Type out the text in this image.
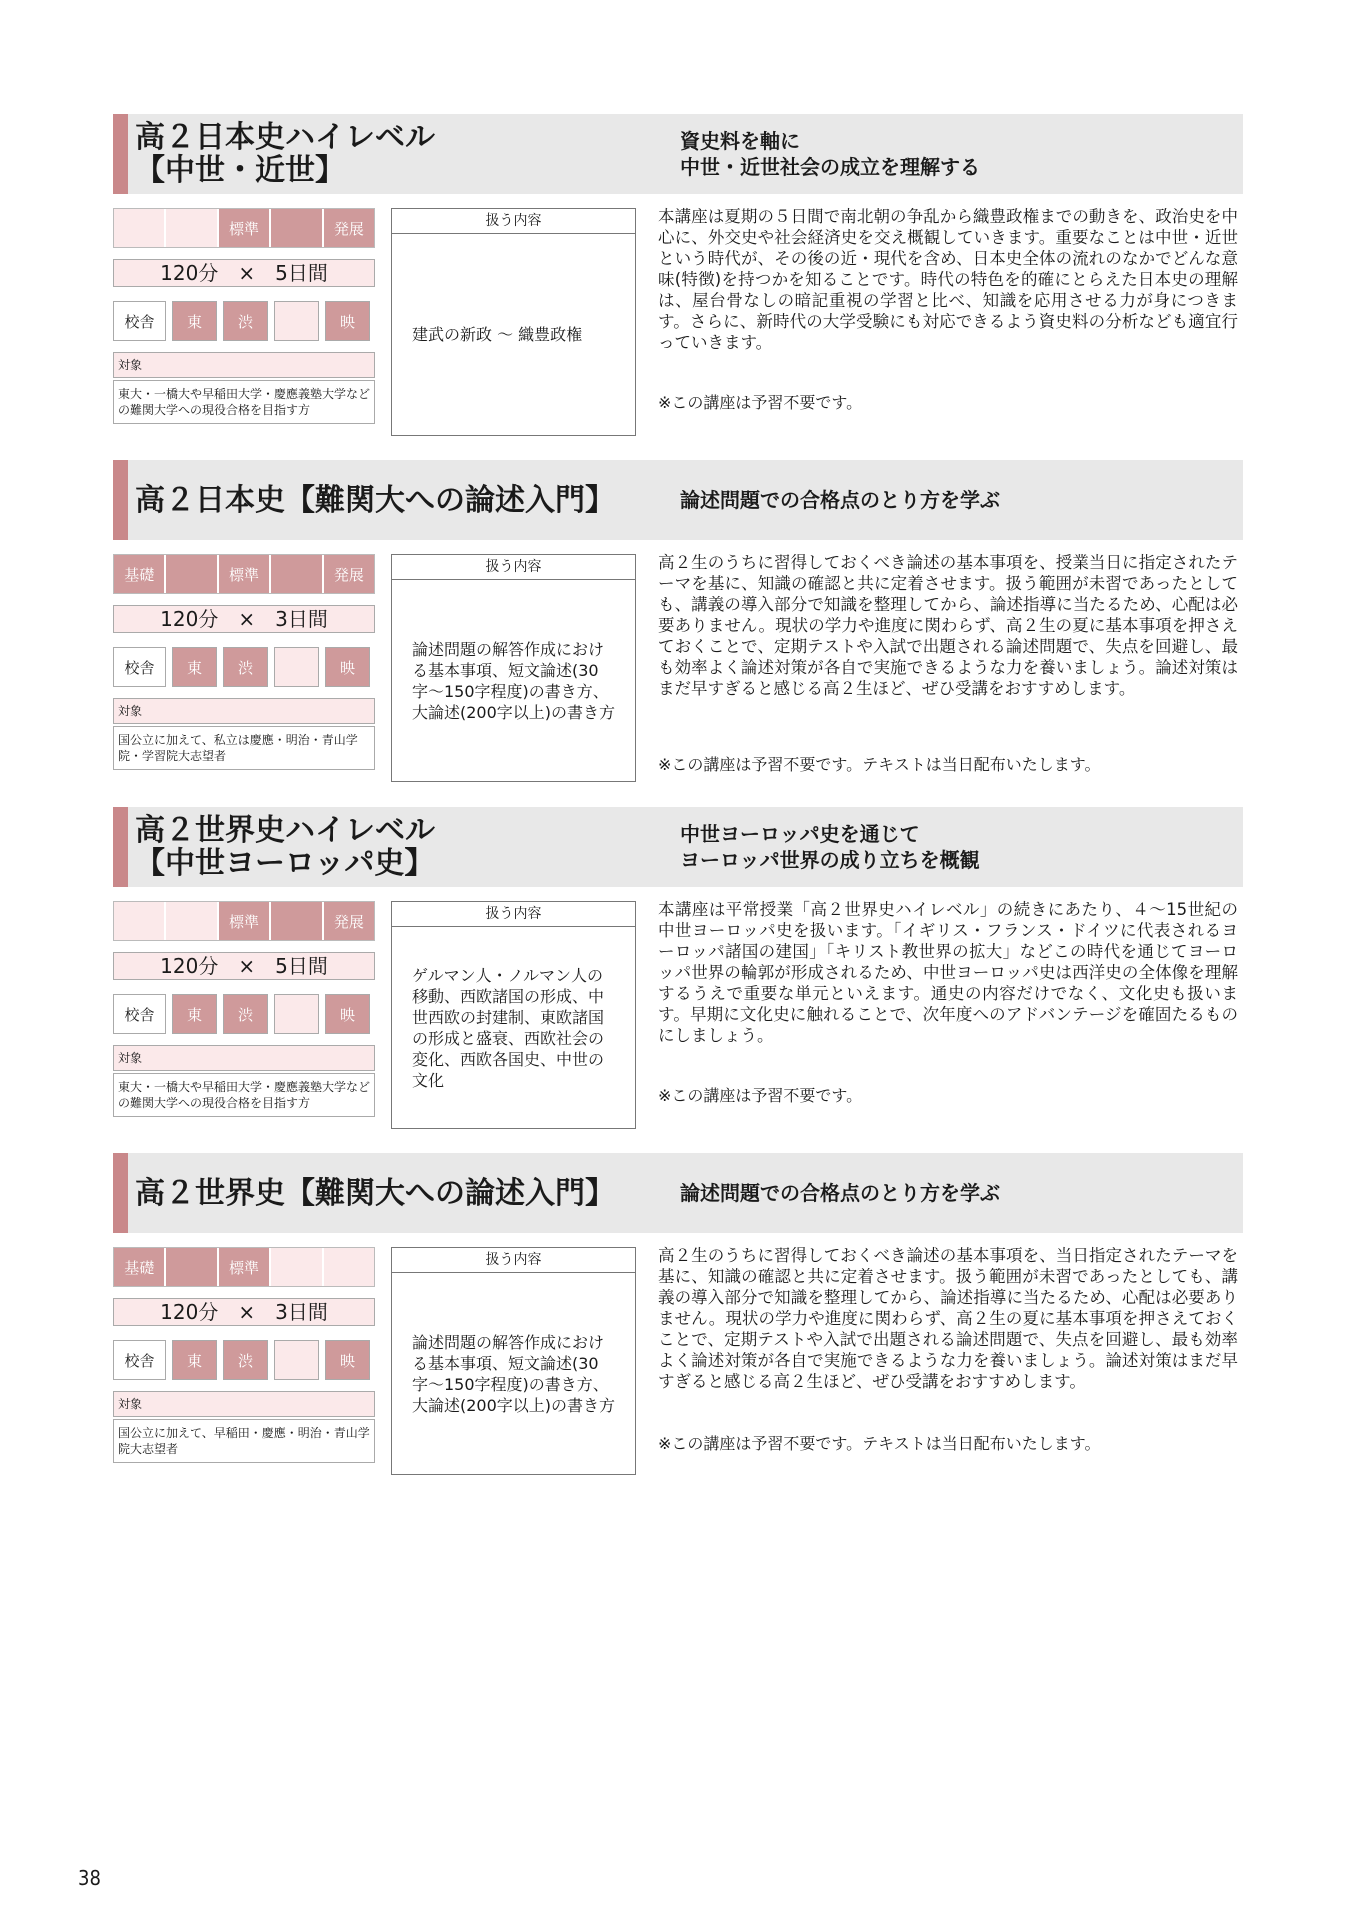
高２日本史ハイレベル
【中世・近世】
資史料を軸に
中世・近世社会の成立を理解する
標準	発展
120分　×　5日間
校舎	東	渋	映
対象
東大・一橋大や早稲田大学・慶應義塾大学などの難関大学への現役合格を目指す方
扱う内容
建武の新政 〜 織豊政権
本講座は夏期の５日間で南北朝の争乱から織豊政権までの動きを、政治史を中心に、外交史や社会経済史を交え概観していきます。重要なことは中世・近世という時代が、その後の近・現代を含め、日本史全体の流れのなかでどんな意味(特徴)を持つかを知ることです。時代の特色を的確にとらえた日本史の理解は、屋台骨なしの暗記重視の学習と比べ、知識を応用させる力が身につきます。さらに、新時代の大学受験にも対応できるよう資史料の分析なども適宜行っていきます。
※この講座は予習不要です。
高２日本史【難関大への論述入門】	論述問題での合格点のとり方を学ぶ
基礎	標準	発展
120分　×　3日間
校舎	東	渋	映
対象
国公立に加えて、私立は慶應・明治・青山学院・学習院大志望者
扱う内容
論述問題の解答作成における基本事項、短文論述(30字〜150字程度)の書き方、大論述(200字以上)の書き方
高２生のうちに習得しておくべき論述の基本事項を、授業当日に指定されたテーマを基に、知識の確認と共に定着させます。扱う範囲が未習であったとしても、講義の導入部分で知識を整理してから、論述指導に当たるため、心配は必要ありません。現状の学力や進度に関わらず、高２生の夏に基本事項を押さえておくことで、定期テストや入試で出題される論述問題で、失点を回避し、最も効率よく論述対策が各自で実施できるような力を養いましょう。論述対策はまだ早すぎると感じる高２生ほど、ぜひ受講をおすすめします。
※この講座は予習不要です。テキストは当日配布いたします。
高２世界史ハイレベル
【中世ヨーロッパ史】
中世ヨーロッパ史を通じて
ヨーロッパ世界の成り立ちを概観
標準	発展
120分　×　5日間
校舎	東	渋	映
対象
東大・一橋大や早稲田大学・慶應義塾大学などの難関大学への現役合格を目指す方
扱う内容
ゲルマン人・ノルマン人の移動、西欧諸国の形成、中世西欧の封建制、東欧諸国の形成と盛衰、西欧社会の変化、西欧各国史、中世の文化
本講座は平常授業「高２世界史ハイレベル」の続きにあたり、４〜15世紀の中世ヨーロッパ史を扱います。「イギリス・フランス・ドイツに代表されるヨーロッパ諸国の建国」「キリスト教世界の拡大」などこの時代を通じてヨーロッパ世界の輪郭が形成されるため、中世ヨーロッパ史は西洋史の全体像を理解するうえで重要な単元といえます。通史の内容だけでなく、文化史も扱います。早期に文化史に触れることで、次年度へのアドバンテージを確固たるものにしましょう。
※この講座は予習不要です。
高２世界史【難関大への論述入門】	論述問題での合格点のとり方を学ぶ
基礎	標準
120分　×　3日間
校舎	東	渋	映
対象
国公立に加えて、早稲田・慶應・明治・青山学院大志望者
扱う内容
論述問題の解答作成における基本事項、短文論述(30字〜150字程度)の書き方、大論述(200字以上)の書き方
高２生のうちに習得しておくべき論述の基本事項を、当日指定されたテーマを基に、知識の確認と共に定着させます。扱う範囲が未習であったとしても、講義の導入部分で知識を整理してから、論述指導に当たるため、心配は必要ありません。現状の学力や進度に関わらず、高２生の夏に基本事項を押さえておくことで、定期テストや入試で出題される論述問題で、失点を回避し、最も効率よく論述対策が各自で実施できるような力を養いましょう。論述対策はまだ早すぎると感じる高２生ほど、ぜひ受講をおすすめします。
※この講座は予習不要です。テキストは当日配布いたします。
38
